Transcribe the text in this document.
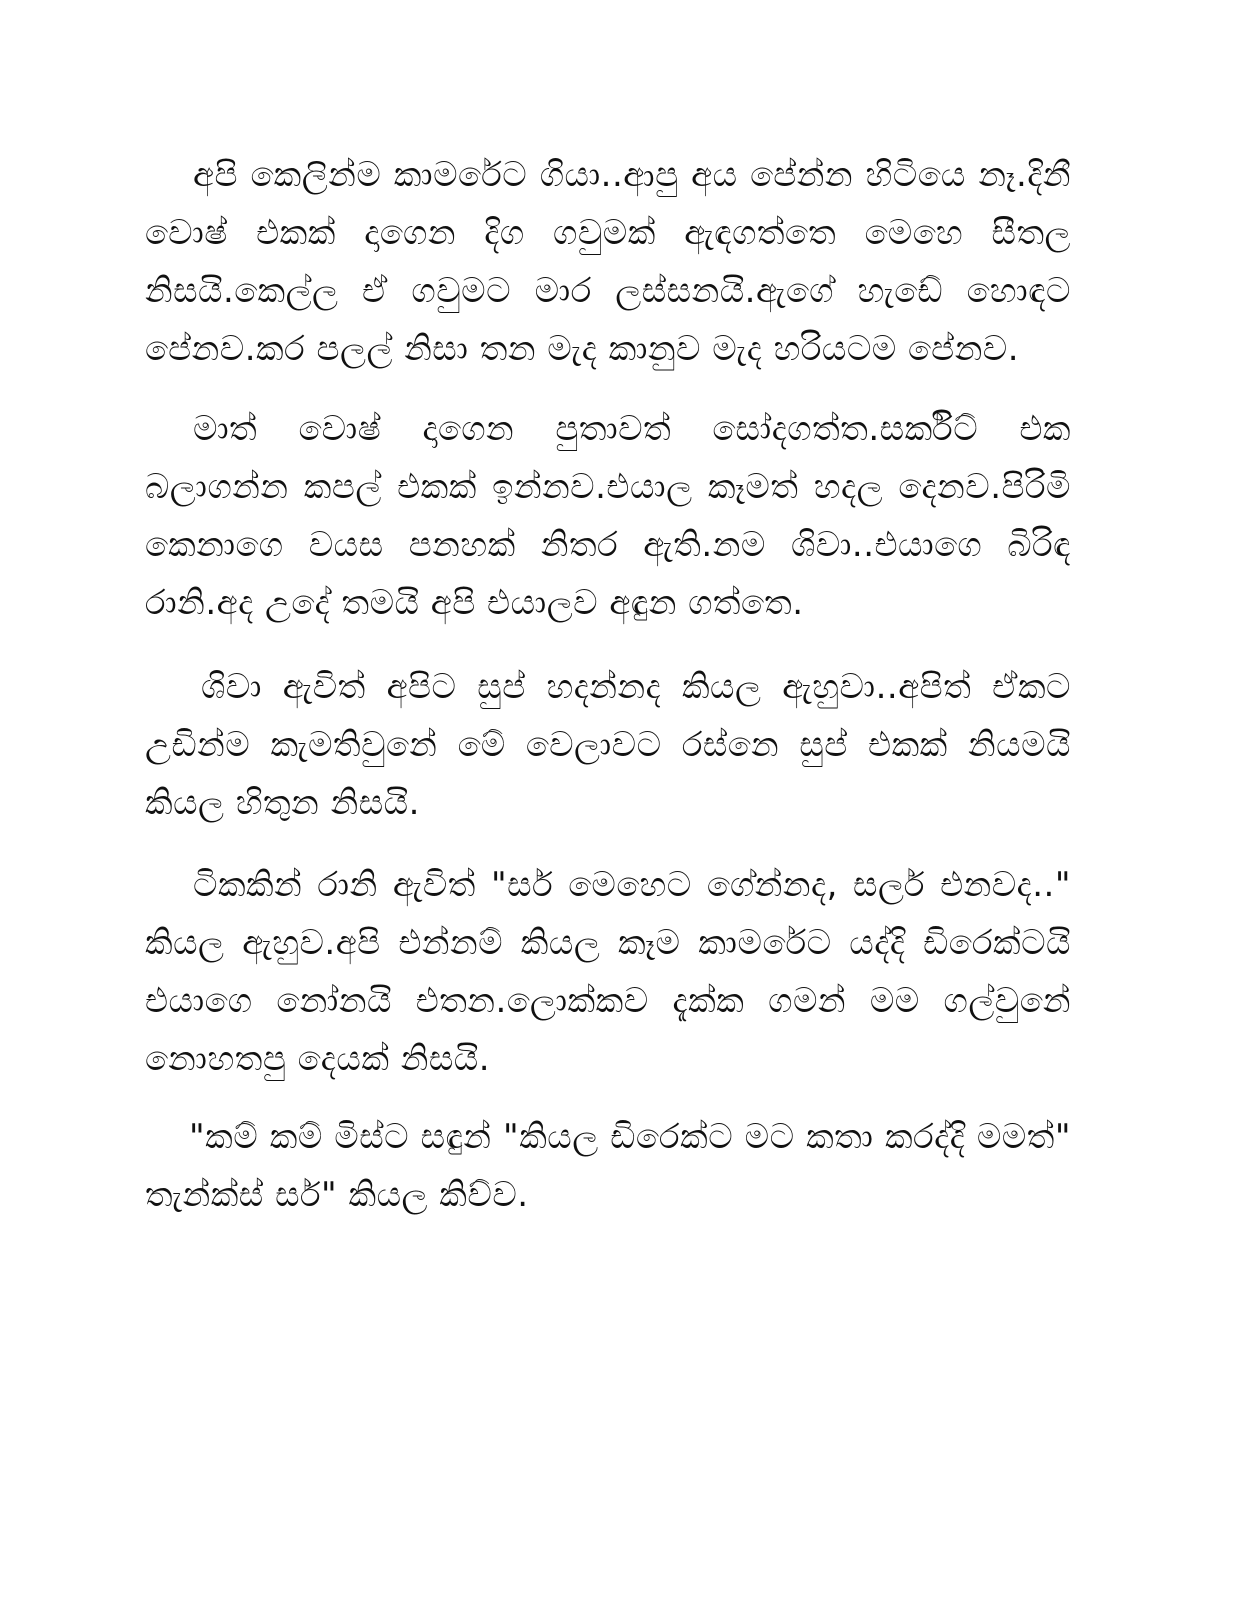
අපි කෙලින්ම කාමරේට ගියා..ආපු අය පේන්න හිටියෙ නෑ.දිනී වොෂ් එකක් දාගෙන දිග ගවුමක් ඇඳගත්තෙ මෙහෙ සීතල නිසයි.කෙල්ල ඒ ගවුමට මාර ලස්සනයි.ඇගේ හැඩේ හොඳට පේනව.කර පලල් නිසා තන මැද කානුව මැද හරියටම පේනව.

මාත් වොෂ් දාගෙන පුතාවත් සෝදගත්ත.සර්කිට් එක බලාගන්න කපල් එකක් ඉන්නව.එයාල කෑමත් හදල දෙනව.පිරිමි කෙනාගෙ වයස පනහක් නිතර ඇති.නම ශිවා..එයාගෙ බිරිඳ රානි.අද උදේ තමයි අපි එයාලව අඳුන ගත්තෙ.

ශිවා ඇවිත් අපිට සුප් හදන්නද කියල ඇහුවා..අපිත් ඒකට උඩින්ම කැමතිවුනේ මේ වෙලාවට රස්නෙ සුප් එකක් නියමයි කියල හිතුන නිසයි.

ටිකකින් රානි ඇවිත් "සර් මෙහෙට ගේන්නද, සර්ල එනවද.." කියල ඇහුව.අපි එන්නම් කියල කෑම කාමරේට යද්දි ඩිරෙක්ටයි එයාගෙ නෝනයි එතන.ලොක්කව දැක්ක ගමන් මම ගල්වුනේ නොහතපු දෙයක් නිසයි.

"කම් කම් මිස්ට සඳුන් "කියල ඩිරෙක්ට මට කතා කරද්දි මමත්" තැන්ක්ස් සර්" කියල කිව්ව.
